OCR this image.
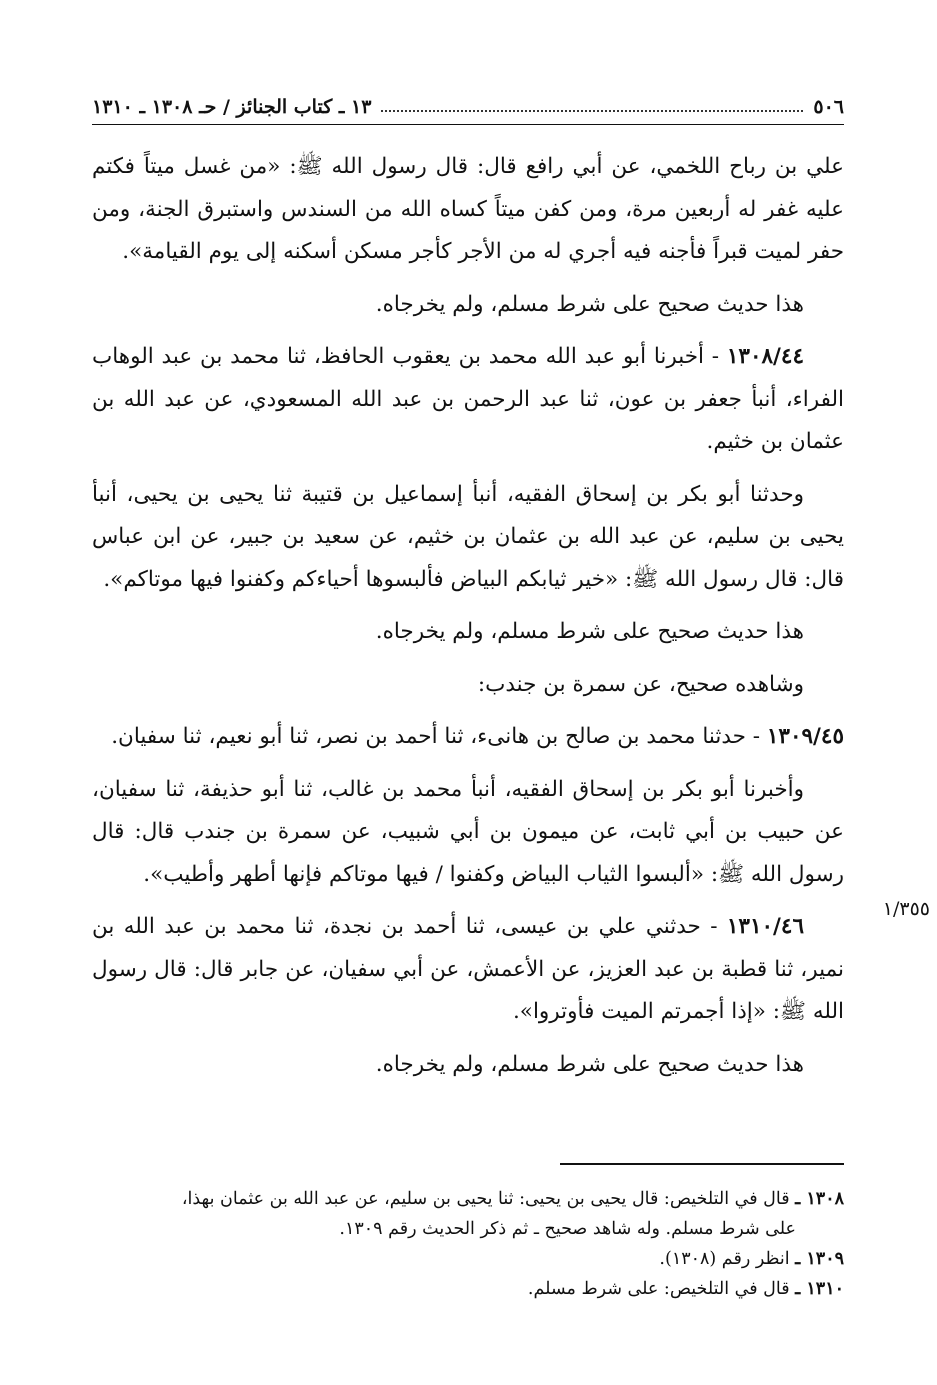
٥٠٦
١٣ ـ كتاب الجنائز / حـ ١٣٠٨ ـ ١٣١٠

علي بن رباح اللخمي، عن أبي رافع قال: قال رسول الله ﷺ: «من غسل ميتاً فكتم عليه غفر له أربعين مرة، ومن كفن ميتاً كساه الله من السندس واستبرق الجنة، ومن حفر لميت قبراً فأجنه فيه أجري له من الأجر كأجر مسكن أسكنه إلى يوم القيامة».

هذا حديث صحيح على شرط مسلم، ولم يخرجاه.

١٣٠٨/٤٤ - أخبرنا أبو عبد الله محمد بن يعقوب الحافظ، ثنا محمد بن عبد الوهاب الفراء، أنبأ جعفر بن عون، ثنا عبد الرحمن بن عبد الله المسعودي، عن عبد الله بن عثمان بن خثيم.

وحدثنا أبو بكر بن إسحاق الفقيه، أنبأ إسماعيل بن قتيبة ثنا يحيى بن يحيى، أنبأ يحيى بن سليم، عن عبد الله بن عثمان بن خثيم، عن سعيد بن جبير، عن ابن عباس قال: قال رسول الله ﷺ: «خير ثيابكم البياض فألبسوها أحياءكم وكفنوا فيها موتاكم».

هذا حديث صحيح على شرط مسلم، ولم يخرجاه.

وشاهده صحيح، عن سمرة بن جندب:

١٣٠٩/٤٥ - حدثنا محمد بن صالح بن هانىء، ثنا أحمد بن نصر، ثنا أبو نعيم، ثنا سفيان.

وأخبرنا أبو بكر بن إسحاق الفقيه، أنبأ محمد بن غالب، ثنا أبو حذيفة، ثنا سفيان، عن حبيب بن أبي ثابت، عن ميمون بن أبي شبيب، عن سمرة بن جندب قال: قال رسول الله ﷺ: «ألبسوا الثياب البياض وكفنوا / فيها موتاكم فإنها أطهر وأطيب».

١٣١٠/٤٦ - حدثني علي بن عيسى، ثنا أحمد بن نجدة، ثنا محمد بن عبد الله بن نمير، ثنا قطبة بن عبد العزيز، عن الأعمش، عن أبي سفيان، عن جابر قال: قال رسول الله ﷺ: «إذا أجمرتم الميت فأوتروا».

هذا حديث صحيح على شرط مسلم، ولم يخرجاه.

١/٣٥٥

١٣٠٨ ـ قال في التلخيص: قال يحيى بن يحيى: ثنا يحيى بن سليم، عن عبد الله بن عثمان بهذا،

على شرط مسلم. وله شاهد صحيح ـ ثم ذكر الحديث رقم ١٣٠٩.

١٣٠٩ ـ انظر رقم (١٣٠٨).

١٣١٠ ـ قال في التلخيص: على شرط مسلم.
